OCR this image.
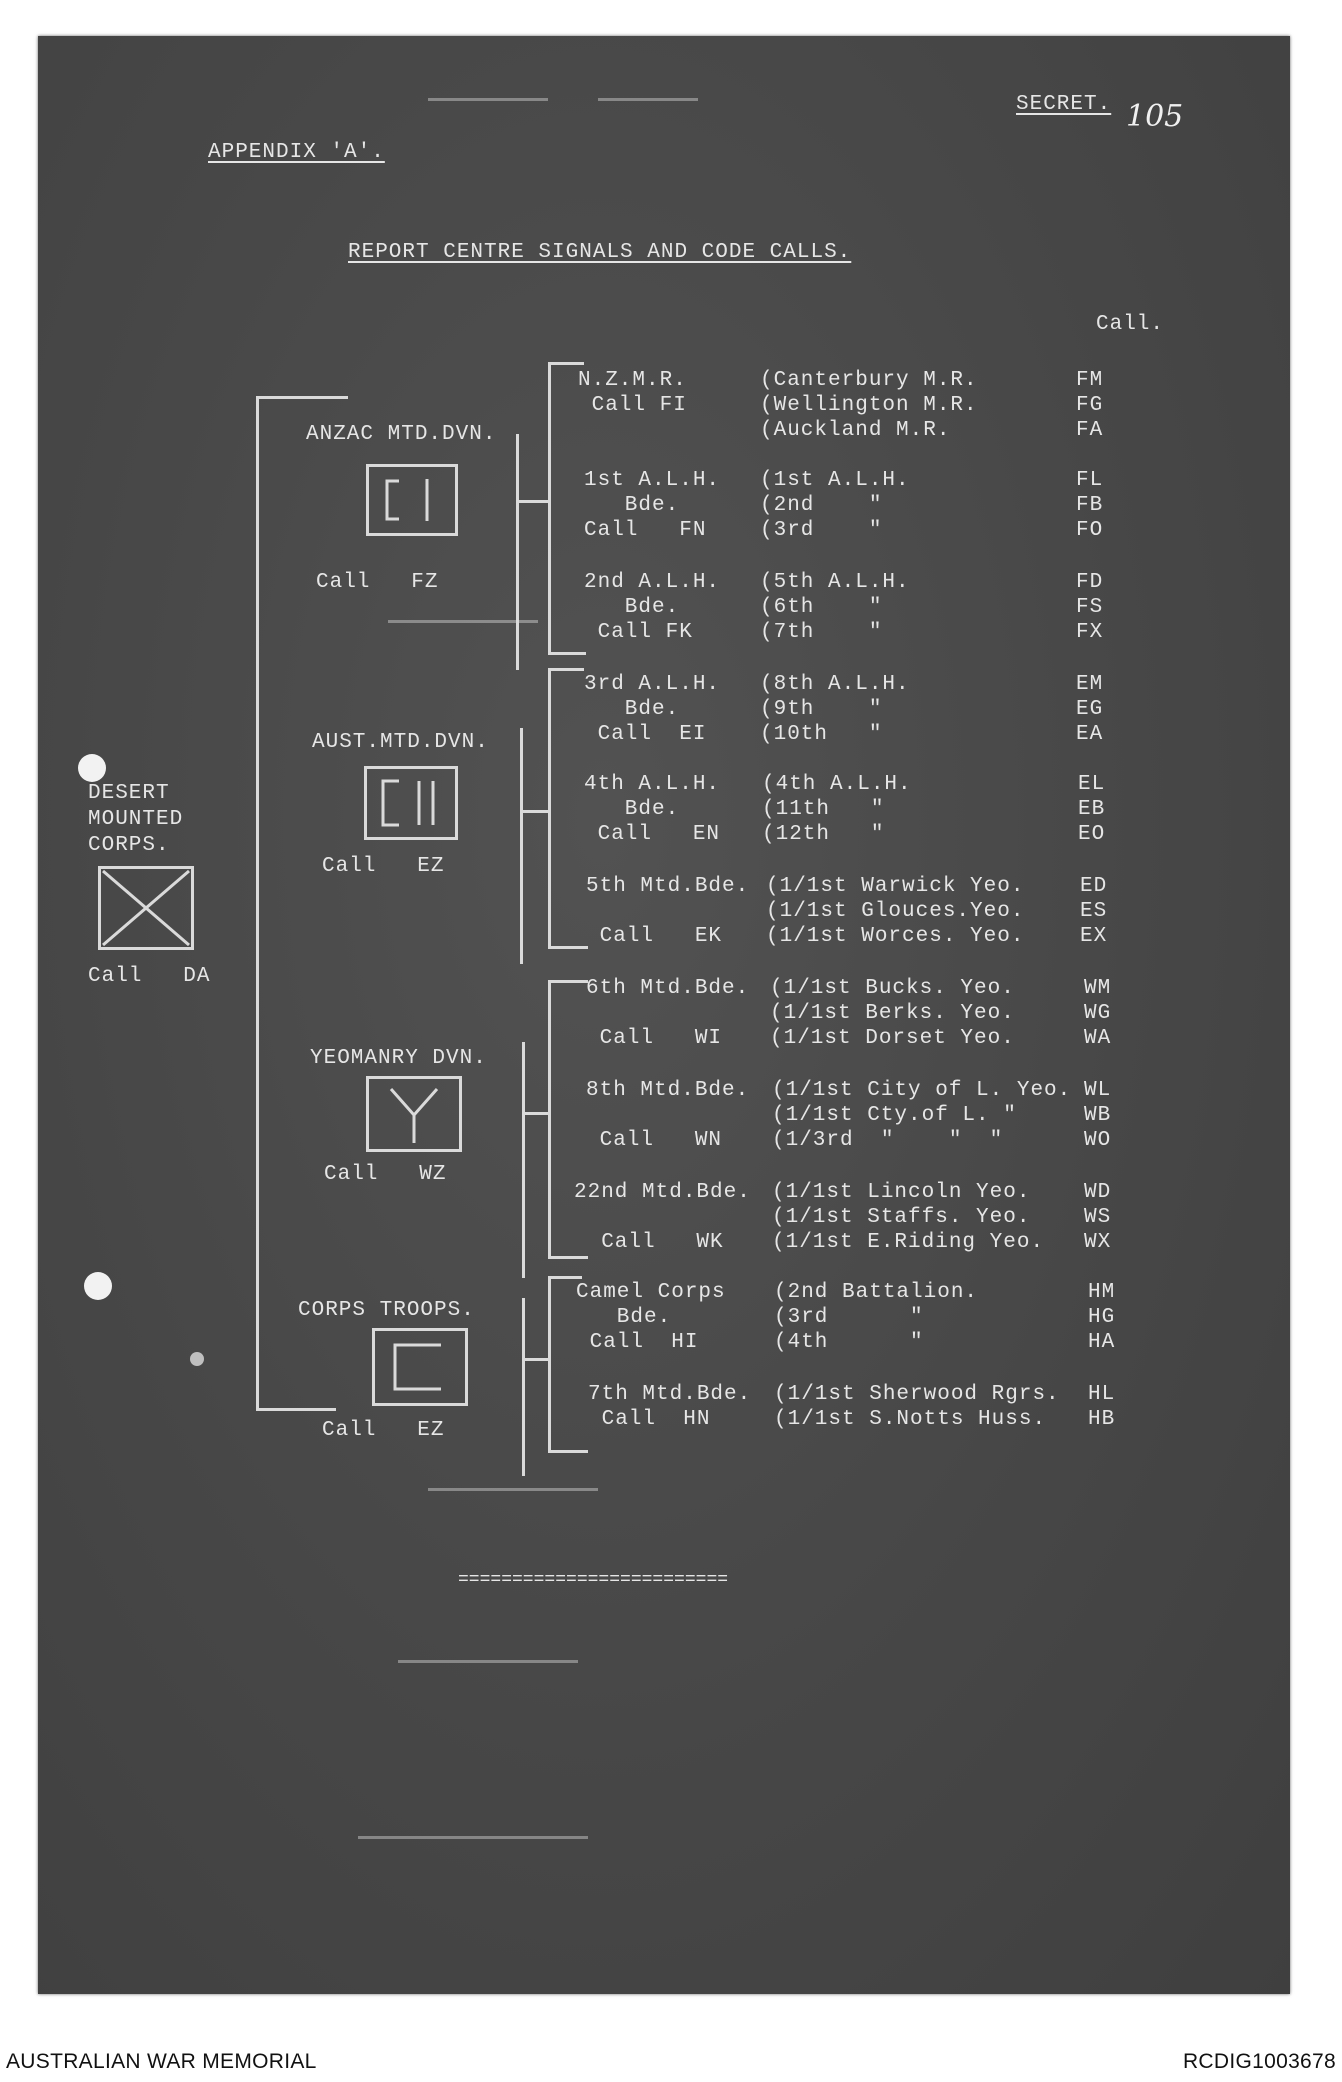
SECRET. 105
APPENDIX 'A'.
REPORT CENTRE SIGNALS AND CODE CALLS.
Call.
DESERT
MOUNTED
CORPS.
Call   DA
ANZAC MTD.DVN.
Call   FZ
AUST.MTD.DVN.
Call   EZ
YEOMANRY DVN.
Call   WZ
CORPS TROOPS.
Call   EZ
N.Z.M.R.
Call FI
(Canterbury M.R.
(Wellington M.R.
(Auckland M.R.
FM
FG
FA
1st A.L.H.
Bde.
Call   FN
(1st A.L.H.
(2nd    "
(3rd    "
FL
FB
FO
2nd A.L.H.
Bde.
Call FK
(5th A.L.H.
(6th    "
(7th    "
FD
FS
FX
3rd A.L.H.
Bde.
Call  EI
(8th A.L.H.
(9th    "
(10th   "
EM
EG
EA
4th A.L.H.
Bde.
Call   EN
(4th A.L.H.
(11th   "
(12th   "
EL
EB
EO
5th Mtd.Bde.

Call   EK
(1/1st Warwick Yeo.
(1/1st Glouces.Yeo.
(1/1st Worces. Yeo.
ED
ES
EX
6th Mtd.Bde.

Call   WI
(1/1st Bucks. Yeo.
(1/1st Berks. Yeo.
(1/1st Dorset Yeo.
WM
WG
WA
8th Mtd.Bde.

Call   WN
(1/1st City of L. Yeo.
(1/1st Cty.of L. "
(1/3rd  "    "  "
WL
WB
WO
22nd Mtd.Bde.

Call   WK
(1/1st Lincoln Yeo.
(1/1st Staffs. Yeo.
(1/1st E.Riding Yeo.
WD
WS
WX
Camel Corps
Bde.
Call  HI
(2nd Battalion.
(3rd      "
(4th      "
HM
HG
HA
7th Mtd.Bde.
Call  HN
(1/1st Sherwood Rgrs.
(1/1st S.Notts Huss.
HL
HB
=========================
AUSTRALIAN WAR MEMORIAL	RCDIG1003678
